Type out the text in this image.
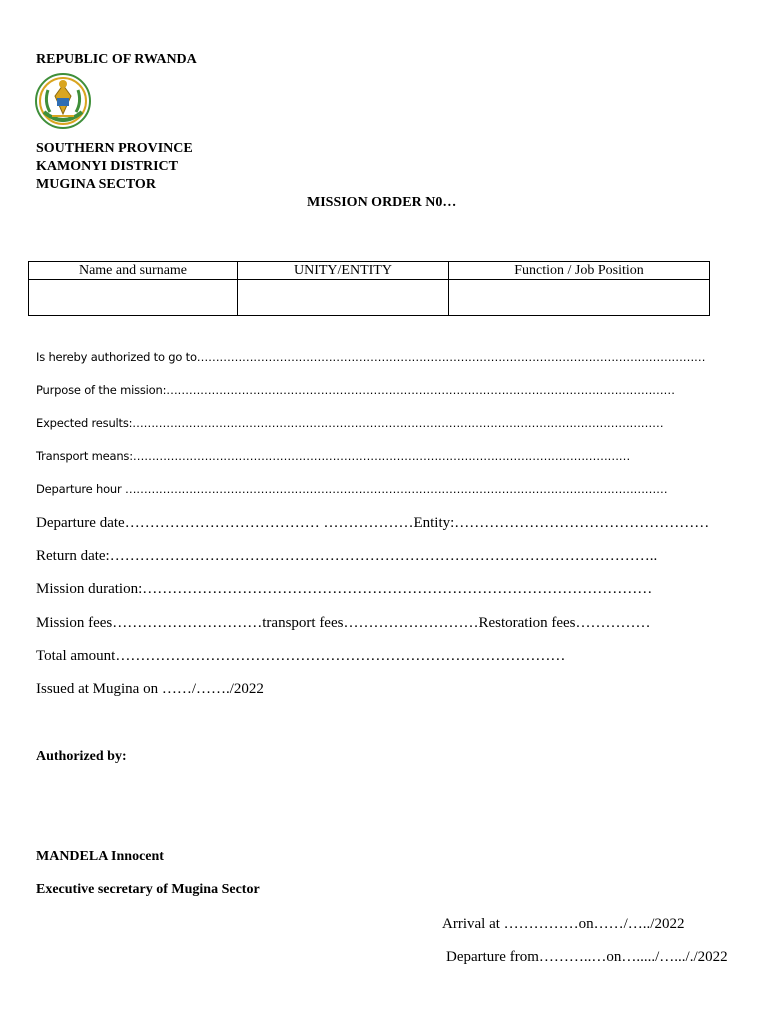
REPUBLIC OF RWANDA
SOUTHERN PROVINCE
KAMONYI DISTRICT
MUGINA SECTOR
MISSION ORDER N0…
Name and surname	UNITY/ENTITY	Function / Job Position

Is hereby authorized to go to………………………………………………………………………………………………………………………
Purpose of the mission:………………………………………………………………………………………………………………………
Expected results:……………………………………………………………………………………………………………………………
Transport means:……………………………………………………………………………………………………………………
Departure hour ………………………………………………………………………………………………………………………………
Departure date………………………………… ………………Entity:……………………………………………
Return date:………………………………………………………………………………………………..
Mission duration:…………………………………………………………………………………………
Mission fees…………………………transport fees………………………Restoration fees……………
Total amount………………………………………………………………………………
Issued at Mugina on ……/……./2022
Authorized by:
MANDELA Innocent
Executive secretary of Mugina Sector
Arrival at ……………on……/…../2022
Departure from………..…on…...../…..././2022
